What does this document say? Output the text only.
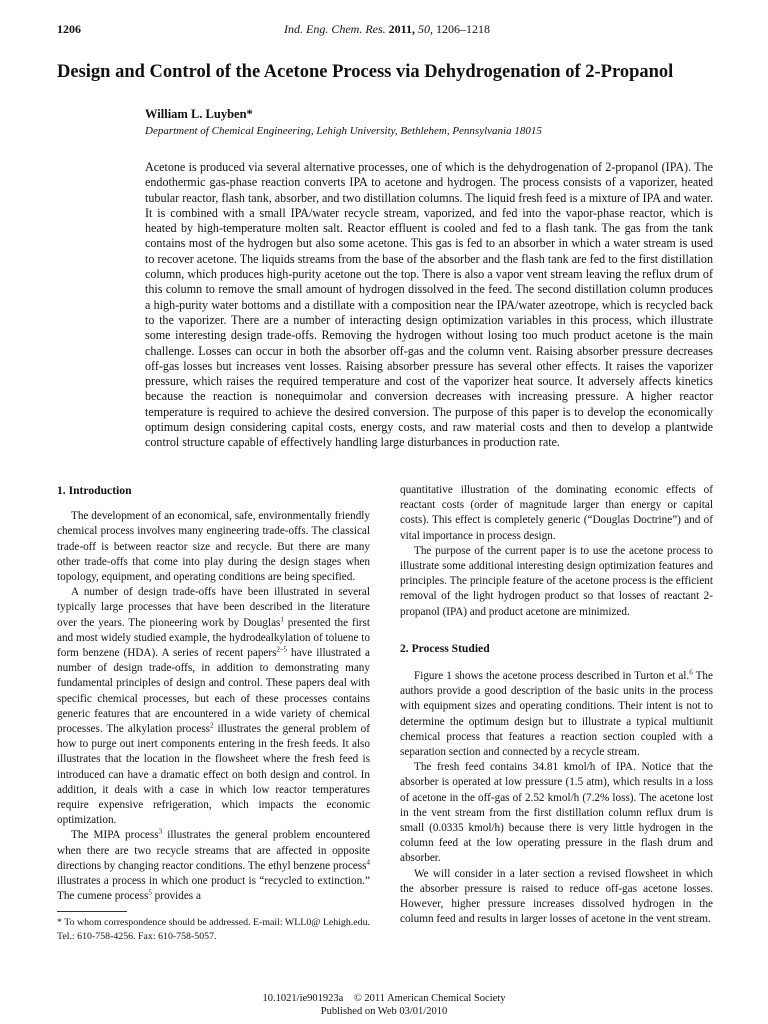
1206	Ind. Eng. Chem. Res. 2011, 50, 1206–1218
Design and Control of the Acetone Process via Dehydrogenation of 2-Propanol
William L. Luyben*
Department of Chemical Engineering, Lehigh University, Bethlehem, Pennsylvania 18015

Acetone is produced via several alternative processes, one of which is the dehydrogenation of 2-propanol (IPA). The endothermic gas-phase reaction converts IPA to acetone and hydrogen. The process consists of a vaporizer, heated tubular reactor, flash tank, absorber, and two distillation columns. The liquid fresh feed is a mixture of IPA and water. It is combined with a small IPA/water recycle stream, vaporized, and fed into the vapor-phase reactor, which is heated by high-temperature molten salt. Reactor effluent is cooled and fed to a flash tank. The gas from the tank contains most of the hydrogen but also some acetone. This gas is fed to an absorber in which a water stream is used to recover acetone. The liquids streams from the base of the absorber and the flash tank are fed to the first distillation column, which produces high-purity acetone out the top. There is also a vapor vent stream leaving the reflux drum of this column to remove the small amount of hydrogen dissolved in the feed. The second distillation column produces a high-purity water bottoms and a distillate with a composition near the IPA/water azeotrope, which is recycled back to the vaporizer. There are a number of interacting design optimization variables in this process, which illustrate some interesting design trade-offs. Removing the hydrogen without losing too much product acetone is the main challenge. Losses can occur in both the absorber off-gas and the column vent. Raising absorber pressure decreases off-gas losses but increases vent losses. Raising absorber pressure has several other effects. It raises the vaporizer pressure, which raises the required temperature and cost of the vaporizer heat source. It adversely affects kinetics because the reaction is nonequimolar and conversion decreases with increasing pressure. A higher reactor temperature is required to achieve the desired conversion. The purpose of this paper is to develop the economically optimum design considering capital costs, energy costs, and raw material costs and then to develop a plantwide control structure capable of effectively handling large disturbances in production rate.

1. Introduction

The development of an economical, safe, environmentally friendly chemical process involves many engineering trade-offs. The classical trade-off is between reactor size and recycle. But there are many other trade-offs that come into play during the design stages when topology, equipment, and operating conditions are being specified.

A number of design trade-offs have been illustrated in several typically large processes that have been described in the literature over the years. The pioneering work by Douglas$^1$ presented the first and most widely studied example, the hydrodealkylation of toluene to form benzene (HDA). A series of recent papers$^{2-5}$ have illustrated a number of design trade-offs, in addition to demonstrating many fundamental principles of design and control. These papers deal with specific chemical processes, but each of these processes contains generic features that are encountered in a wide variety of chemical processes. The alkylation process$^2$ illustrates the general problem of how to purge out inert components entering in the fresh feeds. It also illustrates that the location in the flowsheet where the fresh feed is introduced can have a dramatic effect on both design and control. In addition, it deals with a case in which low reactor temperatures require expensive refrigeration, which impacts the economic optimization.

The MIPA process$^3$ illustrates the general problem encountered when there are two recycle streams that are affected in opposite directions by changing reactor conditions. The ethyl benzene process$^4$ illustrates a process in which one product is “recycled to extinction.” The cumene process$^5$ provides a

* To whom correspondence should be addressed. E-mail: WLL0@ Lehigh.edu. Tel.: 610-758-4256. Fax: 610-758-5057.

quantitative illustration of the dominating economic effects of reactant costs (order of magnitude larger than energy or capital costs). This effect is completely generic (“Douglas Doctrine”) and of vital importance in process design.

The purpose of the current paper is to use the acetone process to illustrate some additional interesting design optimization features and principles. The principle feature of the acetone process is the efficient removal of the light hydrogen product so that losses of reactant 2-propanol (IPA) and product acetone are minimized.

2. Process Studied

Figure 1 shows the acetone process described in Turton et al.$^6$ The authors provide a good description of the basic units in the process with equipment sizes and operating conditions. Their intent is not to determine the optimum design but to illustrate a typical multiunit chemical process that features a reaction section coupled with a separation section and connected by a recycle stream.

The fresh feed contains 34.81 kmol/h of IPA. Notice that the absorber is operated at low pressure (1.5 atm), which results in a loss of acetone in the off-gas of 2.52 kmol/h (7.2% loss). The acetone lost in the vent stream from the first distillation column reflux drum is small (0.0335 kmol/h) because there is very little hydrogen in the column feed at the low operating pressure in the flash drum and absorber.

We will consider in a later section a revised flowsheet in which the absorber pressure is raised to reduce off-gas acetone losses. However, higher pressure increases dissolved hydrogen in the column feed and results in larger losses of acetone in the vent stream.

10.1021/ie901923a © 2011 American Chemical Society
Published on Web 03/01/2010
